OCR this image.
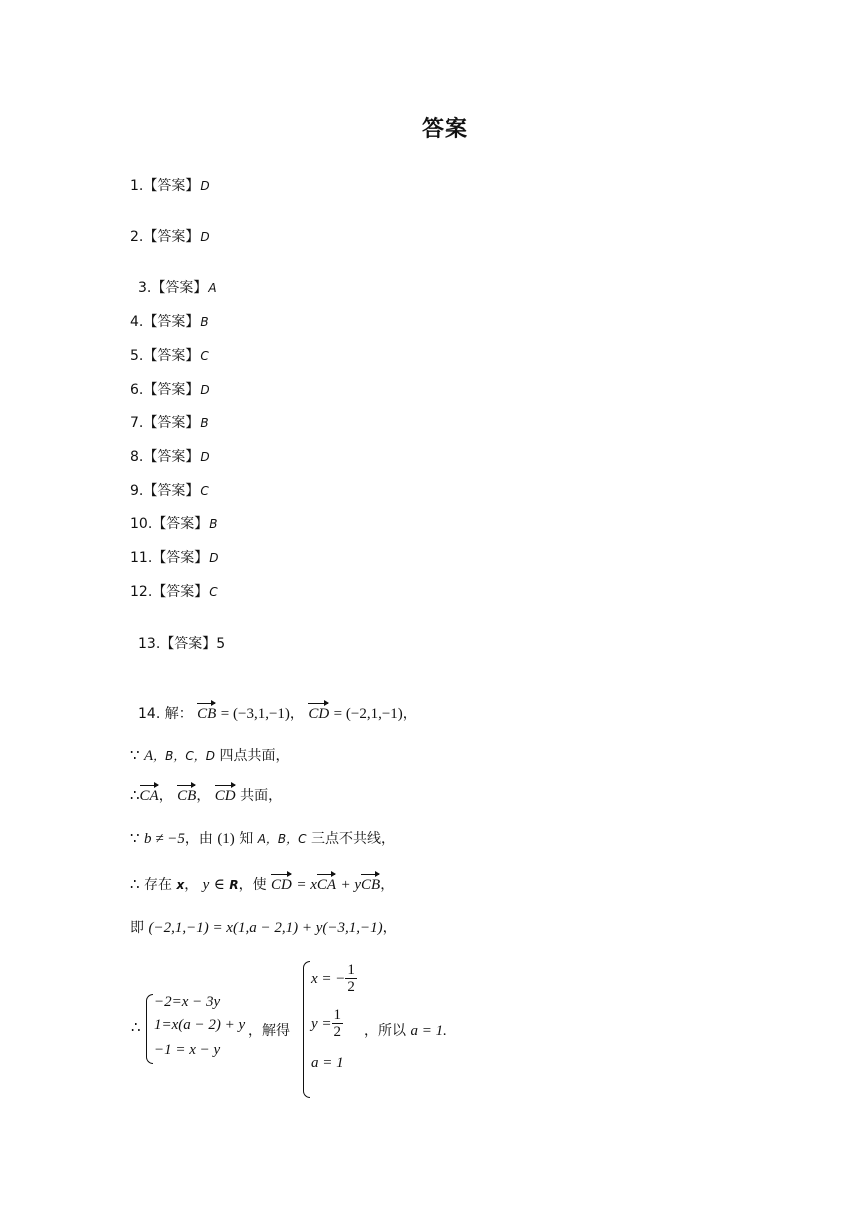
答案
1.【答案】D
2.【答案】D
3.【答案】A
4.【答案】B
5.【答案】C
6.【答案】D
7.【答案】B
8.【答案】D
9.【答案】C
10.【答案】B
11.【答案】D
12.【答案】C
13.【答案】5
14. 解： CB = (−3,1,−1)， CD = (−2,1,−1)，
∵ A，B，C，D 四点共面，
∴CA， CB， CD 共面，
∵ b ≠ −5，由 (1) 知 A，B，C 三点不共线，
∴ 存在 x， y ∈ R，使 CD = xCA + yCB，
即 (−2,1,−1) = x(1,a − 2,1) + y(−3,1,−1)，
∴
−2=x − 3y
1=x(a − 2) + y
−1 = x − y
，解得
x = − $\frac{1}{2}$
$y = \frac{1}{2}$
a = 1
，所以 a = 1.
